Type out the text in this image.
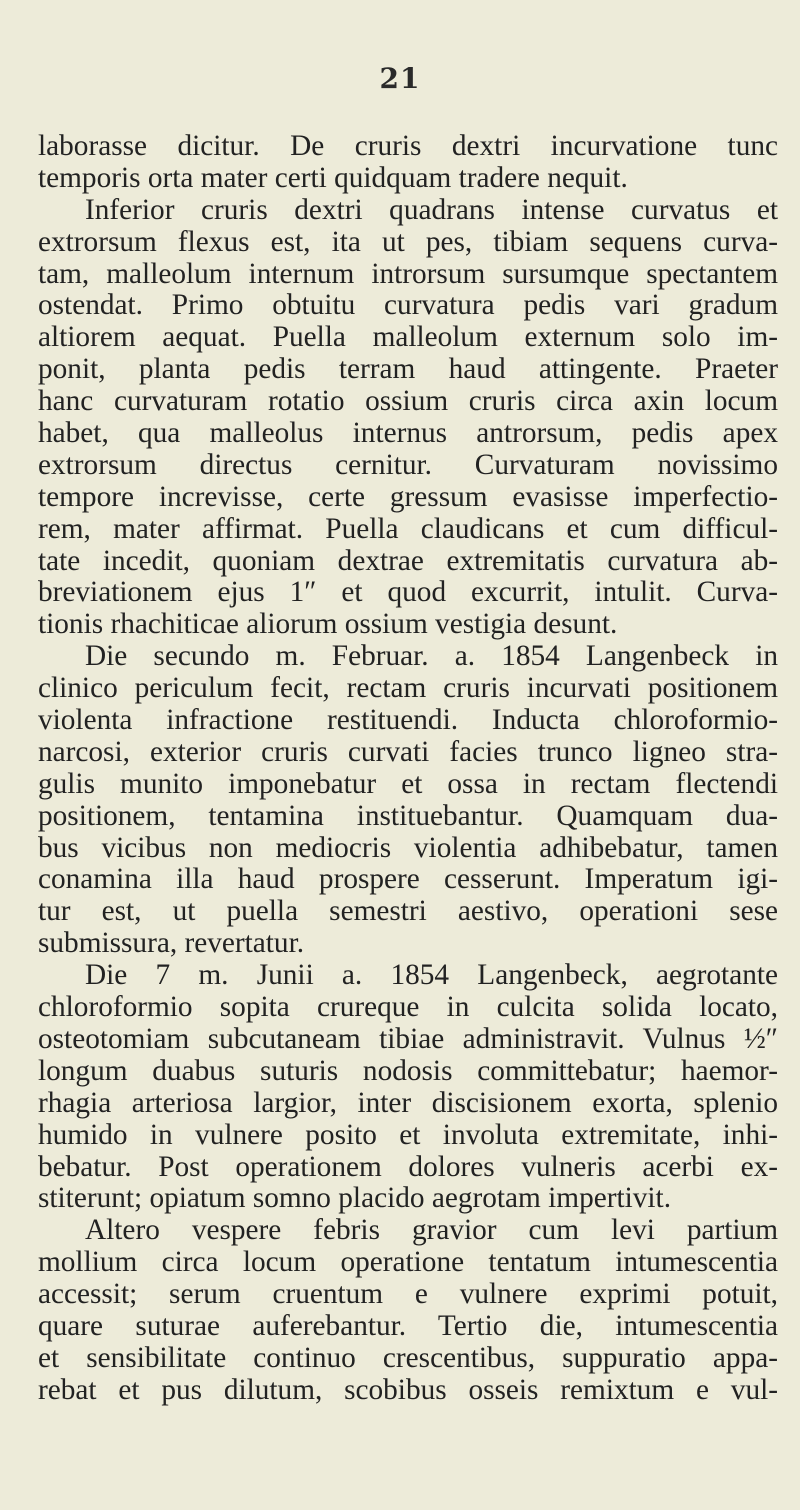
21
laborasse dicitur. De cruris dextri incurvatione tunc
temporis orta mater certi quidquam tradere nequit.
Inferior cruris dextri quadrans intense curvatus et
extrorsum flexus est, ita ut pes, tibiam sequens curva-
tam, malleolum internum introrsum sursumque spectantem
ostendat. Primo obtuitu curvatura pedis vari gradum
altiorem aequat. Puella malleolum externum solo im-
ponit, planta pedis terram haud attingente. Praeter
hanc curvaturam rotatio ossium cruris circa axin locum
habet, qua malleolus internus antrorsum, pedis apex
extrorsum directus cernitur. Curvaturam novissimo
tempore increvisse, certe gressum evasisse imperfectio-
rem, mater affirmat. Puella claudicans et cum difficul-
tate incedit, quoniam dextrae extremitatis curvatura ab-
breviationem ejus 1″ et quod excurrit, intulit. Curva-
tionis rhachiticae aliorum ossium vestigia desunt.
Die secundo m. Februar. a. 1854 Langenbeck in
clinico periculum fecit, rectam cruris incurvati positionem
violenta infractione restituendi. Inducta chloroformio-
narcosi, exterior cruris curvati facies trunco ligneo stra-
gulis munito imponebatur et ossa in rectam flectendi
positionem, tentamina instituebantur. Quamquam dua-
bus vicibus non mediocris violentia adhibebatur, tamen
conamina illa haud prospere cesserunt. Imperatum igi-
tur est, ut puella semestri aestivo, operationi sese
submissura, revertatur.
Die 7 m. Junii a. 1854 Langenbeck, aegrotante
chloroformio sopita crureque in culcita solida locato,
osteotomiam subcutaneam tibiae administravit. Vulnus ½″
longum duabus suturis nodosis committebatur; haemor-
rhagia arteriosa largior, inter discisionem exorta, splenio
humido in vulnere posito et involuta extremitate, inhi-
bebatur. Post operationem dolores vulneris acerbi ex-
stiterunt; opiatum somno placido aegrotam impertivit.
Altero vespere febris gravior cum levi partium
mollium circa locum operatione tentatum intumescentia
accessit; serum cruentum e vulnere exprimi potuit,
quare suturae auferebantur. Tertio die, intumescentia
et sensibilitate continuo crescentibus, suppuratio appa-
rebat et pus dilutum, scobibus osseis remixtum e vul-
